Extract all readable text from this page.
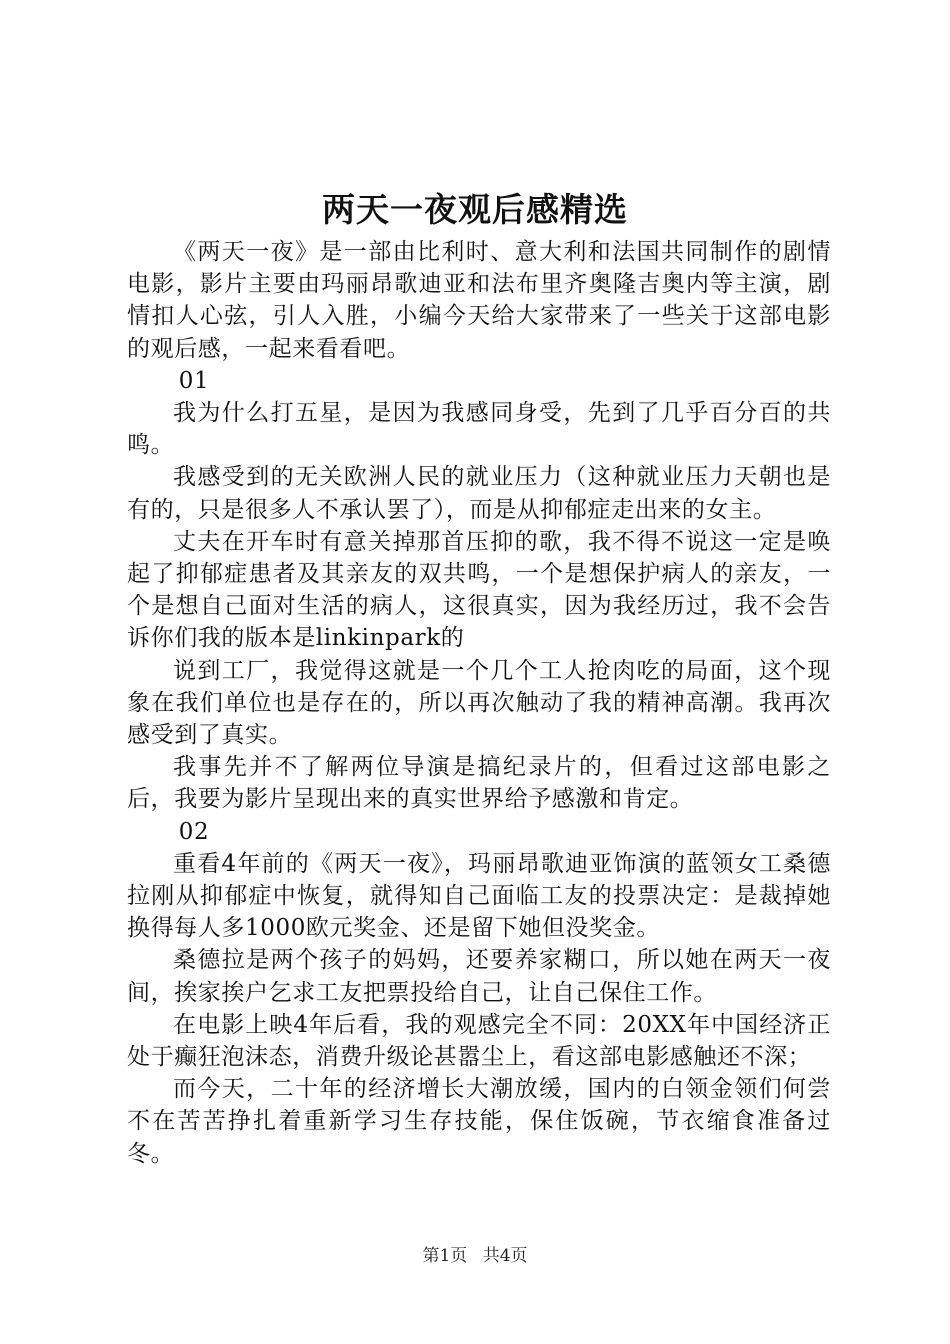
两天一夜观后感精选

《两天一夜》是一部由比利时、意大利和法国共同制作的剧情电影，影片主要由玛丽昂歌迪亚和法布里齐奥隆吉奥内等主演，剧情扣人心弦，引人入胜，小编今天给大家带来了一些关于这部电影的观后感，一起来看看吧。

01

我为什么打五星，是因为我感同身受，先到了几乎百分百的共鸣。

我感受到的无关欧洲人民的就业压力（这种就业压力天朝也是有的，只是很多人不承认罢了），而是从抑郁症走出来的女主。

丈夫在开车时有意关掉那首压抑的歌，我不得不说这一定是唤起了抑郁症患者及其亲友的双共鸣，一个是想保护病人的亲友，一个是想自己面对生活的病人，这很真实，因为我经历过，我不会告诉你们我的版本是linkinpark的

说到工厂，我觉得这就是一个几个工人抢肉吃的局面，这个现象在我们单位也是存在的，所以再次触动了我的精神高潮。我再次感受到了真实。

我事先并不了解两位导演是搞纪录片的，但看过这部电影之后，我要为影片呈现出来的真实世界给予感激和肯定。

02

重看4年前的《两天一夜》，玛丽昂歌迪亚饰演的蓝领女工桑德拉刚从抑郁症中恢复，就得知自己面临工友的投票决定：是裁掉她换得每人多1000欧元奖金、还是留下她但没奖金。

桑德拉是两个孩子的妈妈，还要养家糊口，所以她在两天一夜间，挨家挨户乞求工友把票投给自己，让自己保住工作。

在电影上映4年后看，我的观感完全不同：20XX年中国经济正处于癫狂泡沫态，消费升级论甚嚣尘上，看这部电影感触还不深；

而今天，二十年的经济增长大潮放缓，国内的白领金领们何尝不在苦苦挣扎着重新学习生存技能，保住饭碗，节衣缩食准备过冬。

第1页 共4页
